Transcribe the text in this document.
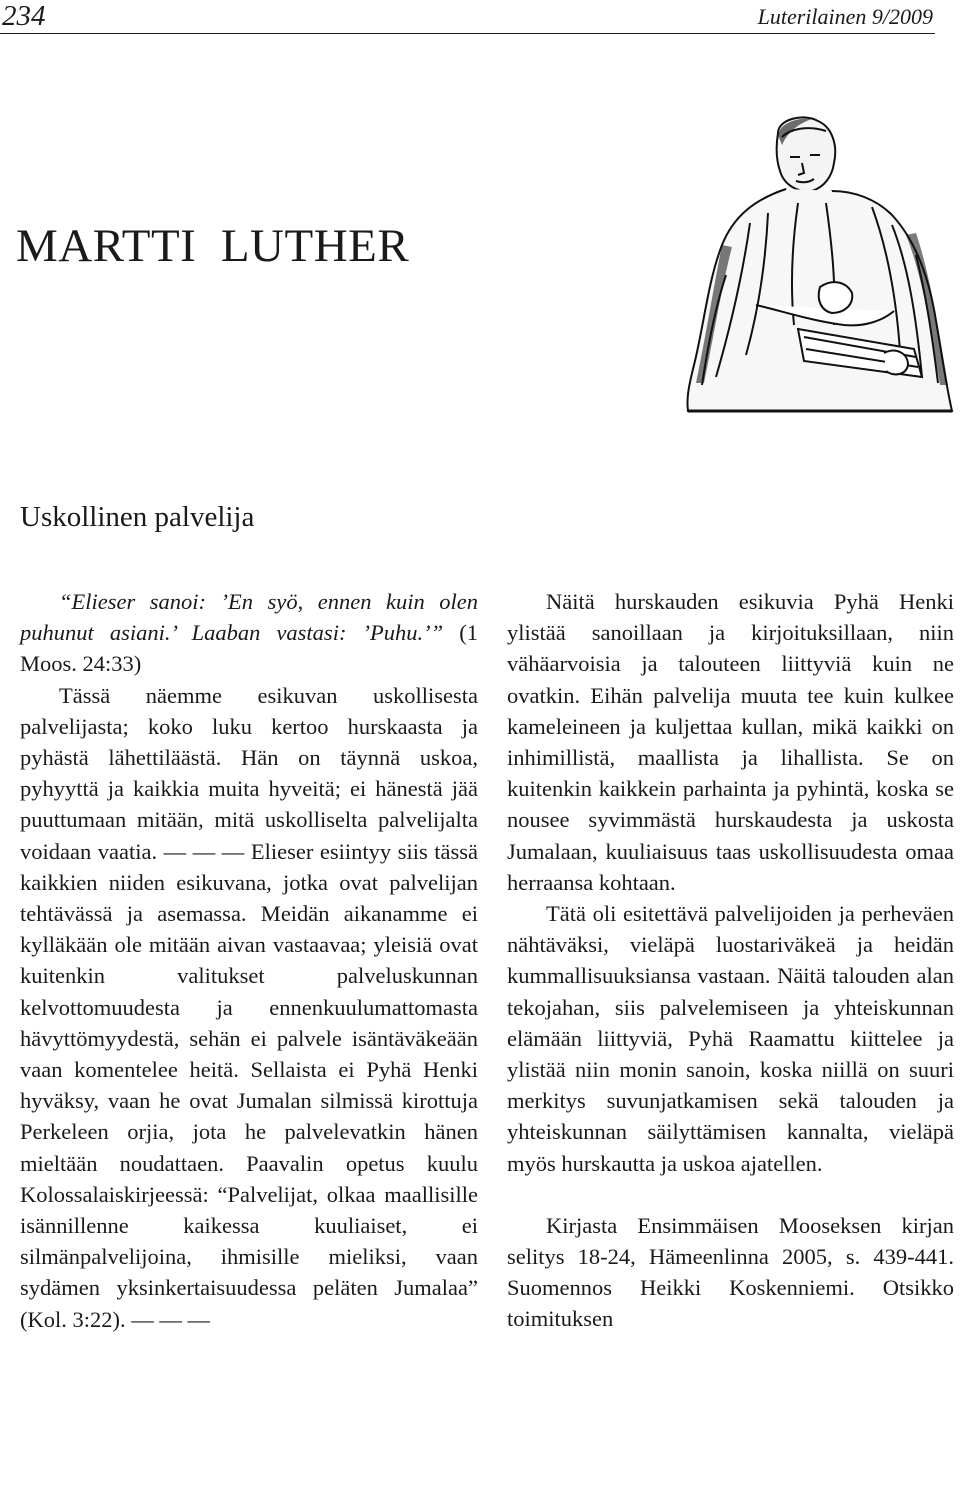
234	Luterilainen 9/2009
MARTTI  LUTHER
Uskollinen palvelija

“Elieser sanoi: ’En syö, ennen kuin olen puhunut asiani.’ Laaban vastasi: ’Puhu.’” (1 Moos. 24:33)

Tässä näemme esikuvan uskollisesta palvelijasta; koko luku kertoo hurskaasta ja pyhästä lähettiläästä. Hän on täynnä uskoa, pyhyyttä ja kaikkia muita hyveitä; ei hänestä jää puuttumaan mitään, mitä uskolliselta palvelijalta voidaan vaatia. — — — Elieser esiintyy siis tässä kaikkien niiden esikuvana, jotka ovat palvelijan tehtävässä ja asemassa. Meidän aikanamme ei kylläkään ole mitään aivan vastaavaa; yleisiä ovat kuitenkin valitukset palveluskunnan kelvottomuudesta ja ennenkuulumattomasta hävyttömyydestä, sehän ei palvele isäntäväkeään vaan komentelee heitä. Sellaista ei Pyhä Henki hyväksy, vaan he ovat Jumalan silmissä kirottuja Perkeleen orjia, jota he palvelevatkin hänen mieltään noudattaen. Paavalin opetus kuulu Kolossalaiskirjeessä: “Palvelijat, olkaa maallisille isännillenne kaikessa kuuliaiset, ei silmänpalvelijoina, ihmisille mieliksi, vaan sydämen yksinkertaisuudessa peläten Jumalaa” (Kol. 3:22). — — —

Näitä hurskauden esikuvia Pyhä Henki ylistää sanoillaan ja kirjoituksillaan, niin vähäarvoisia ja talouteen liittyviä kuin ne ovatkin. Eihän palvelija muuta tee kuin kulkee kameleineen ja kuljettaa kullan, mikä kaikki on inhimillistä, maallista ja lihallista. Se on kuitenkin kaikkein parhainta ja pyhintä, koska se nousee syvimmästä hurskaudesta ja uskosta Jumalaan, kuuliaisuus taas uskollisuudesta omaa herraansa kohtaan.

Tätä oli esitettävä palvelijoiden ja perheväen nähtäväksi, vieläpä luostariväkeä ja heidän kummallisuuksiansa vastaan. Näitä talouden alan tekojahan, siis palvelemiseen ja yhteiskunnan elämään liittyviä, Pyhä Raamattu kiittelee ja ylistää niin monin sanoin, koska niillä on suuri merkitys suvunjatkamisen sekä talouden ja yhteiskunnan säilyttämisen kannalta, vieläpä myös hurskautta ja uskoa ajatellen.

Kirjasta Ensimmäisen Mooseksen kirjan selitys 18-24, Hämeenlinna 2005, s. 439-441. Suomennos Heikki Koskenniemi. Otsikko toimituksen
